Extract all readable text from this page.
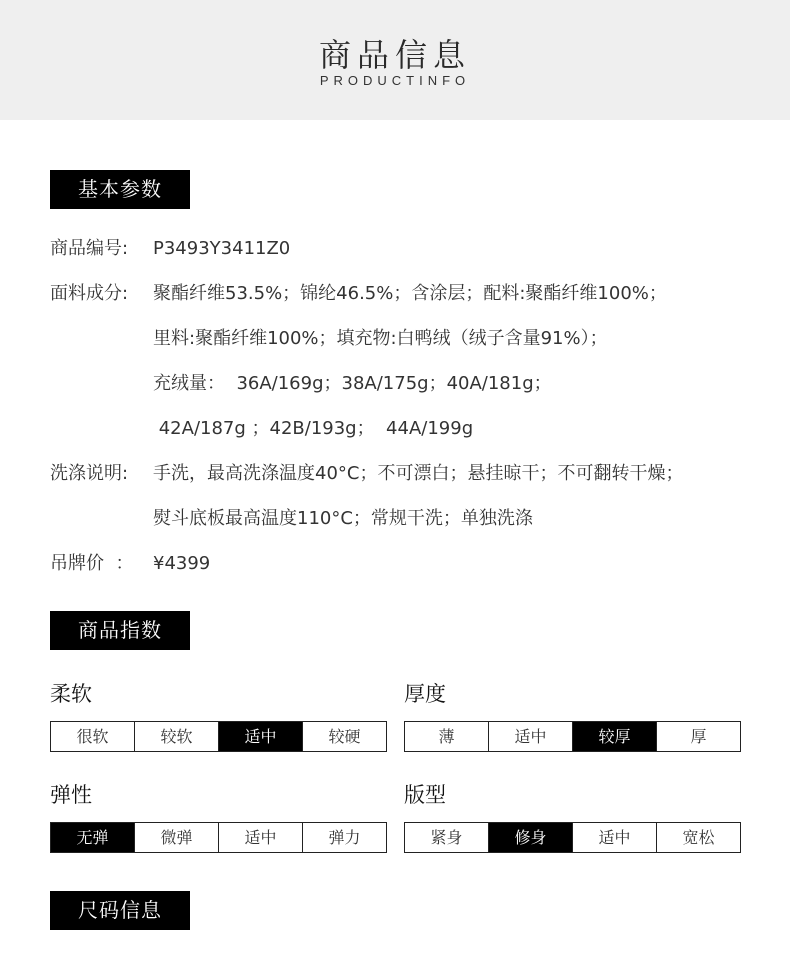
商品信息
PRODUCTINFO
基本参数
商品编号: P3493Y3411Z0
面料成分: 聚酯纤维53.5%；锦纶46.5%；含涂层；配料:聚酯纤维100%；
里料:聚酯纤维100%；填充物:白鸭绒（绒子含量91%）；
充绒量：  36A/169g；38A/175g；40A/181g；
42A/187g ；42B/193g；  44A/199g
洗涤说明: 手洗，最高洗涤温度40°C；不可漂白；悬挂晾干；不可翻转干燥；
熨斗底板最高温度110°C；常规干洗；单独洗涤
吊牌价  ： ¥4399
商品指数
柔软
很软	较软	适中	较硬
厚度
薄	适中	较厚	厚
弹性
无弹	微弹	适中	弹力
版型
紧身	修身	适中	宽松
尺码信息
